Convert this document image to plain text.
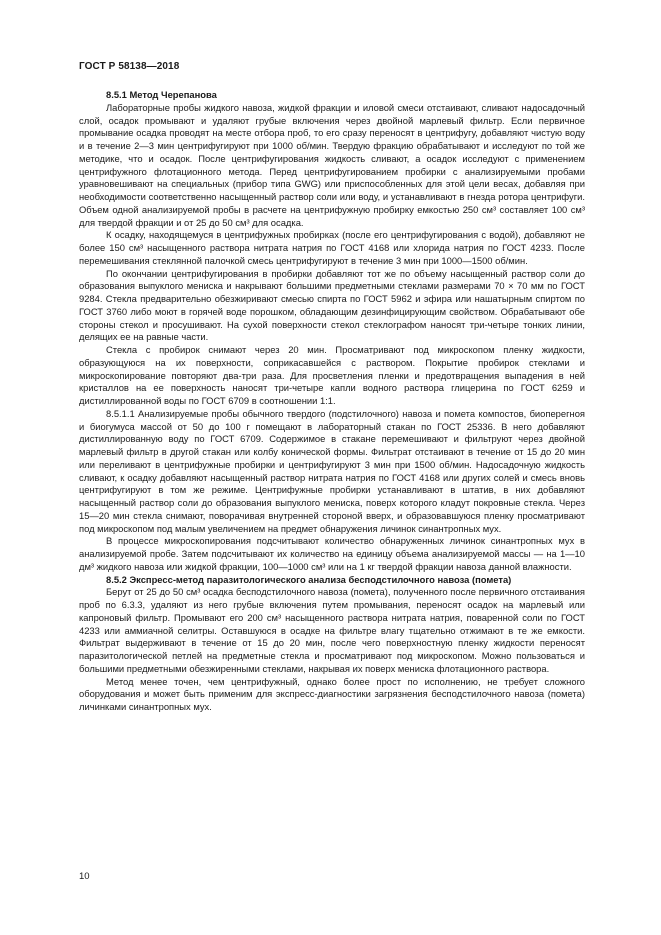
ГОСТ Р 58138—2018

8.5.1 Метод Черепанова

Лабораторные пробы жидкого навоза, жидкой фракции и иловой смеси отстаивают, сливают надосадочный слой, осадок промывают и удаляют грубые включения через двойной марлевый фильтр. Если первичное промывание осадка проводят на месте отбора проб, то его сразу переносят в центрифугу, добавляют чистую воду и в течение 2—3 мин центрифугируют при 1000 об/мин. Твердую фракцию обрабатывают и исследуют по той же методике, что и осадок. После центрифугирования жидкость сливают, а осадок исследуют с применением центрифужного флотационного метода. Перед центрифугированием пробирки с анализируемыми пробами уравновешивают на специальных (прибор типа GWG) или приспособленных для этой цели весах, добавляя при необходимости соответственно насыщенный раствор соли или воду, и устанавливают в гнезда ротора центрифуги. Объем одной анализируемой пробы в расчете на центрифужную пробирку емкостью 250 см³ составляет 100 см³ для твердой фракции и от 25 до 50 см³ для осадка.

К осадку, находящемуся в центрифужных пробирках (после его центрифугирования с водой), добавляют не более 150 см³ насыщенного раствора нитрата натрия по ГОСТ 4168 или хлорида натрия по ГОСТ 4233. После перемешивания стеклянной палочкой смесь центрифугируют в течение 3 мин при 1000—1500 об/мин.

По окончании центрифугирования в пробирки добавляют тот же по объему насыщенный раствор соли до образования выпуклого мениска и накрывают большими предметными стеклами размерами 70 × 70 мм по ГОСТ 9284. Стекла предварительно обезжиривают смесью спирта по ГОСТ 5962 и эфира или нашатырным спиртом по ГОСТ 3760 либо моют в горячей воде порошком, обладающим дезинфицирующим свойством. Обрабатывают обе стороны стекол и просушивают. На сухой поверхности стекол стеклографом наносят три-четыре тонких линии, делящих ее на равные части.

Стекла с пробирок снимают через 20 мин. Просматривают под микроскопом пленку жидкости, образующуюся на их поверхности, соприкасавшейся с раствором. Покрытие пробирок стеклами и микроскопирование повторяют два-три раза. Для просветления пленки и предотвращения выпадения в ней кристаллов на ее поверхность наносят три-четыре капли водного раствора глицерина по ГОСТ 6259 и дистиллированной воды по ГОСТ 6709 в соотношении 1:1.

8.5.1.1 Анализируемые пробы обычного твердого (подстилочного) навоза и помета компостов, биоперегноя и биогумуса массой от 50 до 100 г помещают в лабораторный стакан по ГОСТ 25336. В него добавляют дистиллированную воду по ГОСТ 6709. Содержимое в стакане перемешивают и фильтруют через двойной марлевый фильтр в другой стакан или колбу конической формы. Фильтрат отстаивают в течение от 15 до 20 мин или переливают в центрифужные пробирки и центрифугируют 3 мин при 1500 об/мин. Надосадочную жидкость сливают, к осадку добавляют насыщенный раствор нитрата натрия по ГОСТ 4168 или других солей и смесь вновь центрифугируют в том же режиме. Центрифужные пробирки устанавливают в штатив, в них добавляют насыщенный раствор соли до образования выпуклого мениска, поверх которого кладут покровные стекла. Через 15—20 мин стекла снимают, поворачивая внутренней стороной вверх, и образовавшуюся пленку просматривают под микроскопом под малым увеличением на предмет обнаружения личинок синантропных мух.

В процессе микроскопирования подсчитывают количество обнаруженных личинок синантропных мух в анализируемой пробе. Затем подсчитывают их количество на единицу объема анализируемой массы — на 1—10 дм³ жидкого навоза или жидкой фракции, 100—1000 см³ или на 1 кг твердой фракции навоза данной влажности.

8.5.2 Экспресс-метод паразитологического анализа бесподстилочного навоза (помета)

Берут от 25 до 50 см³ осадка бесподстилочного навоза (помета), полученного после первичного отстаивания проб по 6.3.3, удаляют из него грубые включения путем промывания, переносят осадок на марлевый или капроновый фильтр. Промывают его 200 см³ насыщенного раствора нитрата натрия, поваренной соли по ГОСТ 4233 или аммиачной селитры. Оставшуюся в осадке на фильтре влагу тщательно отжимают в те же емкости. Фильтрат выдерживают в течение от 15 до 20 мин, после чего поверхностную пленку жидкости переносят паразитологической петлей на предметные стекла и просматривают под микроскопом. Можно пользоваться и большими предметными обезжиренными стеклами, накрывая их поверх мениска флотационного раствора.

Метод менее точен, чем центрифужный, однако более прост по исполнению, не требует сложного оборудования и может быть применим для экспресс-диагностики загрязнения бесподстилочного навоза (помета) личинками синантропных мух.

10
